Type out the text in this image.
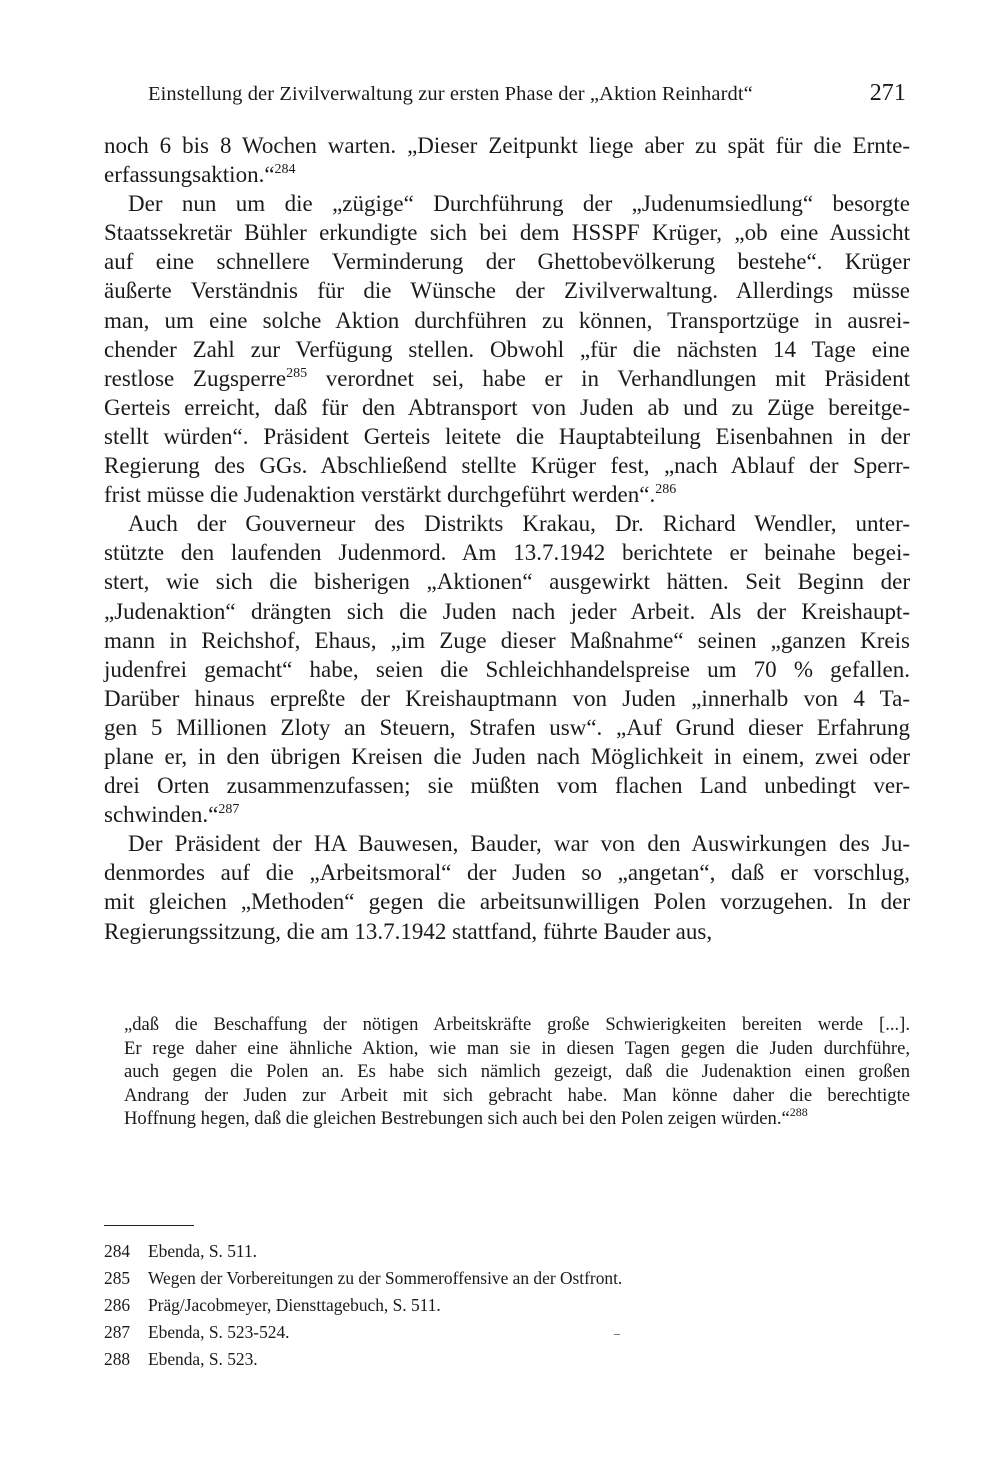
Einstellung der Zivilverwaltung zur ersten Phase der „Aktion Reinhardt“	271
noch 6 bis 8 Wochen warten. „Dieser Zeitpunkt liege aber zu spät für die Ernte-
erfassungsaktion.“$^{284}$
Der nun um die „zügige“ Durchführung der „Judenumsiedlung“ besorgte
Staatssekretär Bühler erkundigte sich bei dem HSSPF Krüger, „ob eine Aussicht
auf eine schnellere Verminderung der Ghettobevölkerung bestehe“. Krüger
äußerte Verständnis für die Wünsche der Zivilverwaltung. Allerdings müsse
man, um eine solche Aktion durchführen zu können, Transportzüge in ausrei-
chender Zahl zur Verfügung stellen. Obwohl „für die nächsten 14 Tage eine
restlose Zugsperre$^{285}$ verordnet sei, habe er in Verhandlungen mit Präsident
Gerteis erreicht, daß für den Abtransport von Juden ab und zu Züge bereitge-
stellt würden“. Präsident Gerteis leitete die Hauptabteilung Eisenbahnen in der
Regierung des GGs. Abschließend stellte Krüger fest, „nach Ablauf der Sperr-
frist müsse die Judenaktion verstärkt durchgeführt werden“.$^{286}$
Auch der Gouverneur des Distrikts Krakau, Dr. Richard Wendler, unter-
stützte den laufenden Judenmord. Am 13.7.1942 berichtete er beinahe begei-
stert, wie sich die bisherigen „Aktionen“ ausgewirkt hätten. Seit Beginn der
„Judenaktion“ drängten sich die Juden nach jeder Arbeit. Als der Kreishaupt-
mann in Reichshof, Ehaus, „im Zuge dieser Maßnahme“ seinen „ganzen Kreis
judenfrei gemacht“ habe, seien die Schleichhandelspreise um 70 % gefallen.
Darüber hinaus erpreßte der Kreishauptmann von Juden „innerhalb von 4 Ta-
gen 5 Millionen Zloty an Steuern, Strafen usw“. „Auf Grund dieser Erfahrung
plane er, in den übrigen Kreisen die Juden nach Möglichkeit in einem, zwei oder
drei Orten zusammenzufassen; sie müßten vom flachen Land unbedingt ver-
schwinden.“$^{287}$
Der Präsident der HA Bauwesen, Bauder, war von den Auswirkungen des Ju-
denmordes auf die „Arbeitsmoral“ der Juden so „angetan“, daß er vorschlug,
mit gleichen „Methoden“ gegen die arbeitsunwilligen Polen vorzugehen. In der
Regierungssitzung, die am 13.7.1942 stattfand, führte Bauder aus,
„daß die Beschaffung der nötigen Arbeitskräfte große Schwierigkeiten bereiten werde [...].
Er rege daher eine ähnliche Aktion, wie man sie in diesen Tagen gegen die Juden durchführe,
auch gegen die Polen an. Es habe sich nämlich gezeigt, daß die Judenaktion einen großen
Andrang der Juden zur Arbeit mit sich gebracht habe. Man könne daher die berechtigte
Hoffnung hegen, daß die gleichen Bestrebungen sich auch bei den Polen zeigen würden.“$^{288}$
284	Ebenda, S. 511.
285	Wegen der Vorbereitungen zu der Sommeroffensive an der Ostfront.
286	Präg/Jacobmeyer, Diensttagebuch, S. 511.
287	Ebenda, S. 523-524.
288	Ebenda, S. 523.
